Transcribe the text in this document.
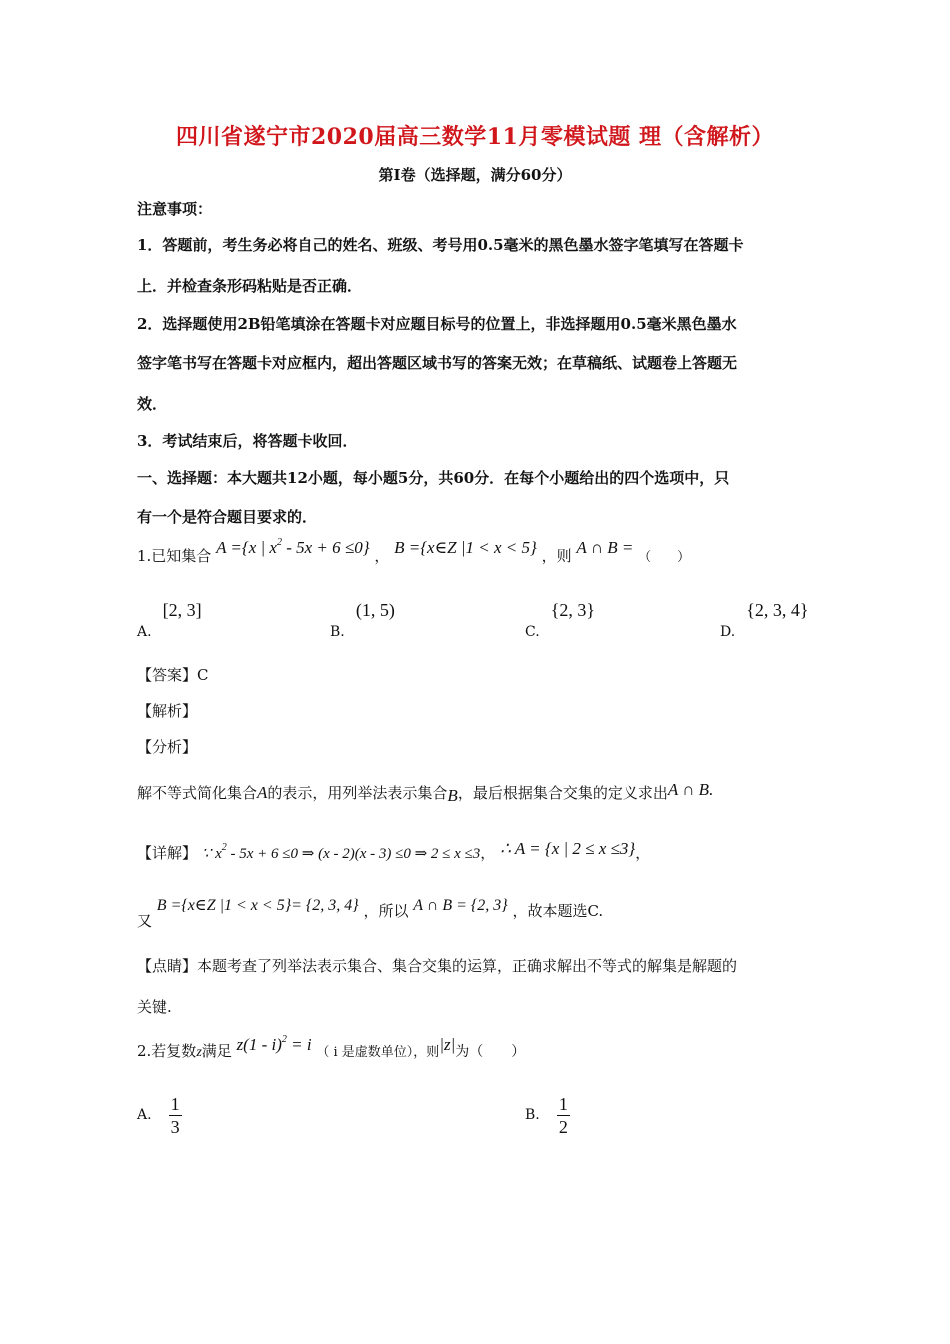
四川省遂宁市2020届高三数学11月零模试题 理（含解析）
第Ⅰ卷（选择题，满分60分）
注意事项：
1．答题前，考生务必将自己的姓名、班级、考号用0.5毫米的黑色墨水签字笔填写在答题卡
上．并检查条形码粘贴是否正确．
2．选择题使用2B铅笔填涂在答题卡对应题目标号的位置上，非选择题用0.5毫米黑色墨水
签字笔书写在答题卡对应框内，超出答题区域书写的答案无效；在草稿纸、试题卷上答题无
效．
3．考试结束后，将答题卡收回．
一、选择题：本大题共12小题，每小题5分，共60分．在每个小题给出的四个选项中，只
有一个是符合题目要求的．
1.已知集合 A ={x | $x^2 - 5x + 6 \le 0$} ， B ={x∈Z |1 < x < 5} ，则 A ∩ B = （　　）
A. [2, 3]
B. (1, 5)
C. {2, 3}
D. {2, 3, 4}
【答案】C
【解析】
【分析】
解不等式简化集合A的表示，用列举法表示集合B，最后根据集合交集的定义求出A ∩ B.
【详解】 ∵ $x^2 - 5x + 6 \le 0$ ⇒ (x - 2)(x - 3) ≤0 ⇒ 2 ≤ x ≤3， ∴ A = {x | 2 ≤ x ≤3}，
又 B ={x∈Z |1 < x < 5}= {2, 3, 4} ，所以 A ∩ B = {2, 3} ，故本题选C.
【点睛】本题考查了列举法表示集合、集合交集的运算，正确求解出不等式的解集是解题的
关键.
2.若复数z满足 z(1 - i)$^2$ = i （ i 是虚数单位），则|z|为（　　）
A. $\frac{1}{3}$	B. $\frac{1}{2}$
